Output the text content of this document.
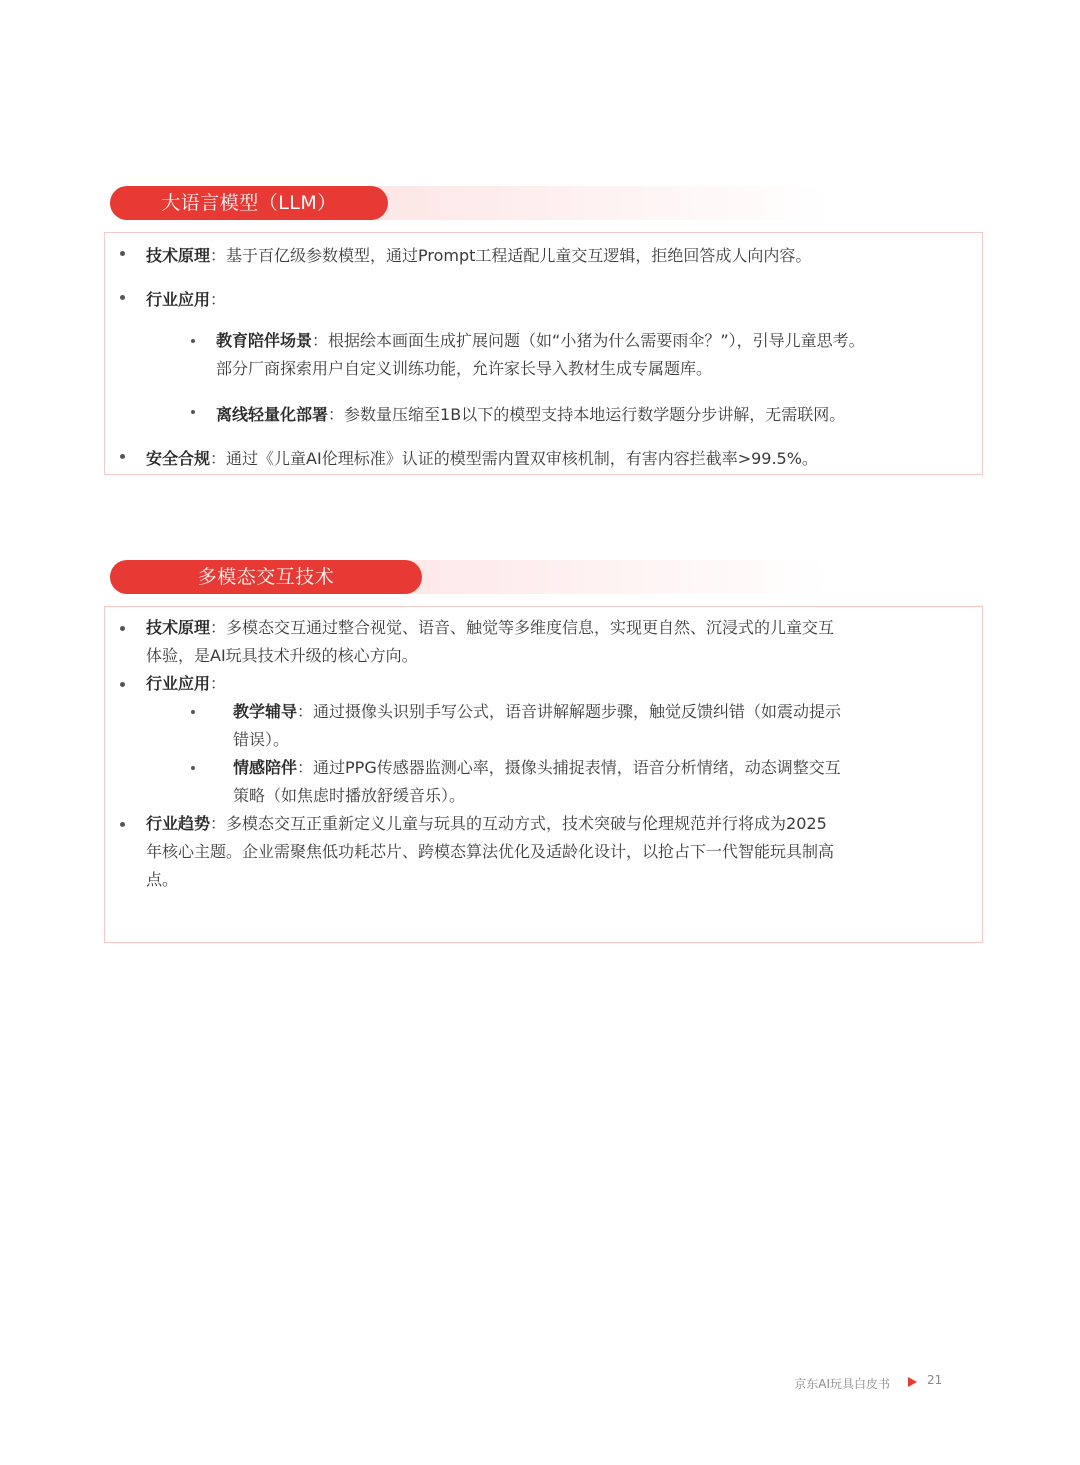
大语言模型（LLM）
技术原理：基于百亿级参数模型，通过Prompt工程适配儿童交互逻辑，拒绝回答成人向内容。
行业应用：
教育陪伴场景：根据绘本画面生成扩展问题（如“小猪为什么需要雨伞？”），引导儿童思考。
部分厂商探索用户自定义训练功能，允许家长导入教材生成专属题库。
离线轻量化部署：参数量压缩至1B以下的模型支持本地运行数学题分步讲解，无需联网。
安全合规：通过《儿童AI伦理标准》认证的模型需内置双审核机制，有害内容拦截率>99.5%。
多模态交互技术
技术原理：多模态交互通过整合视觉、语音、触觉等多维度信息，实现更自然、沉浸式的儿童交互
体验，是AI玩具技术升级的核心方向。
行业应用：
教学辅导：通过摄像头识别手写公式，语音讲解解题步骤，触觉反馈纠错（如震动提示
错误）。
情感陪伴：通过PPG传感器监测心率，摄像头捕捉表情，语音分析情绪，动态调整交互
策略（如焦虑时播放舒缓音乐）。
行业趋势：多模态交互正重新定义儿童与玩具的互动方式，技术突破与伦理规范并行将成为2025
年核心主题。企业需聚焦低功耗芯片、跨模态算法优化及适龄化设计，以抢占下一代智能玩具制高
点。
京东AI玩具白皮书	21
